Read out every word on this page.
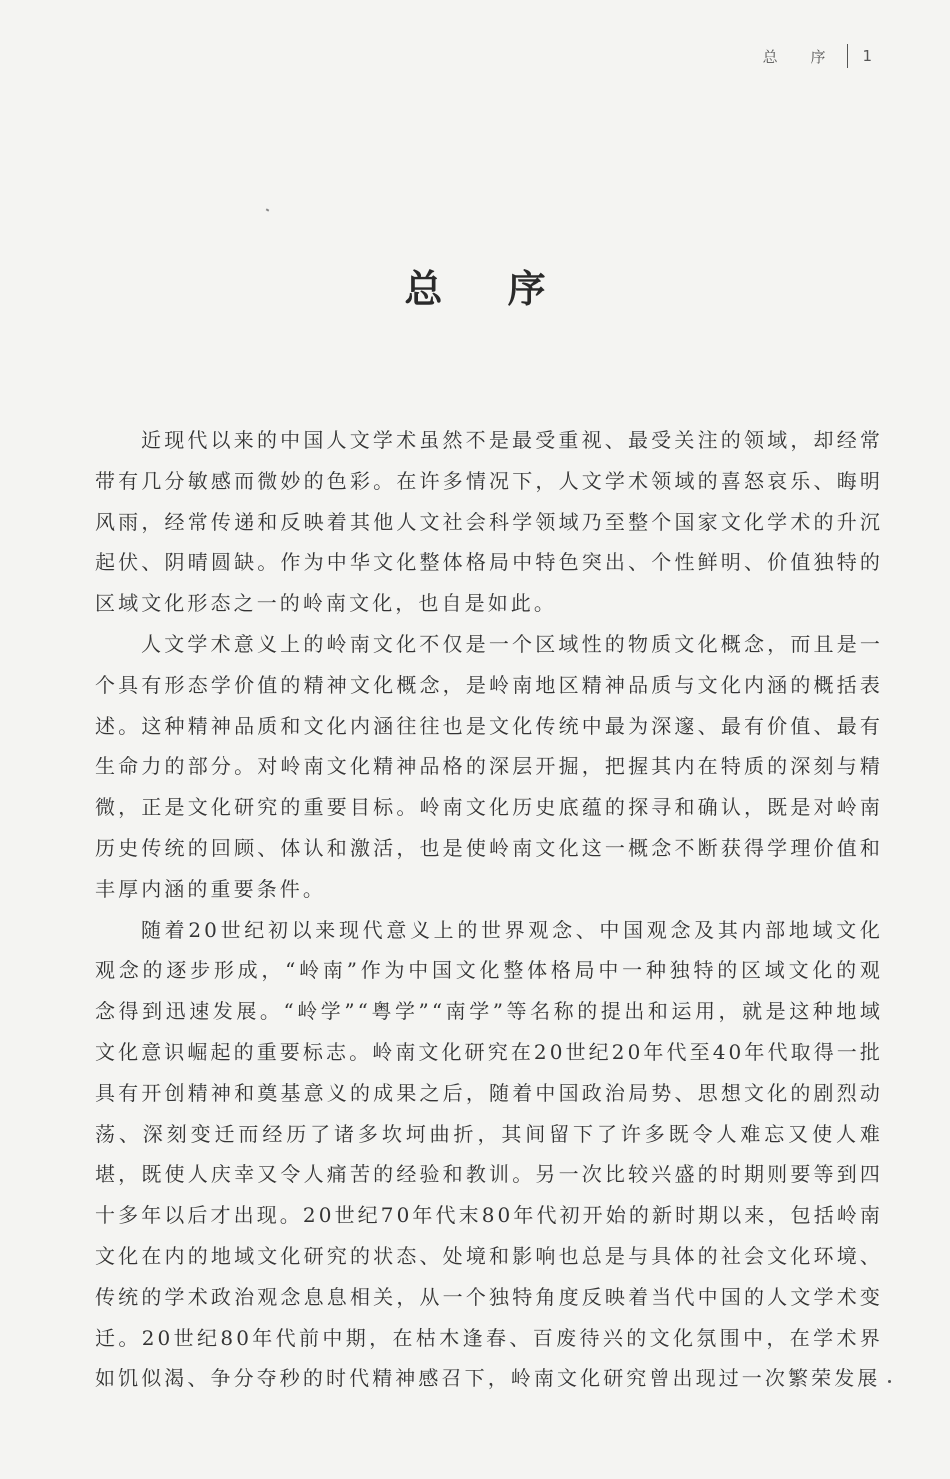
总 序 1
总 序

近现代以来的中国人文学术虽然不是最受重视、最受关注的领域，却经常带有几分敏感而微妙的色彩。在许多情况下，人文学术领域的喜怒哀乐、晦明风雨，经常传递和反映着其他人文社会科学领域乃至整个国家文化学术的升沉起伏、阴晴圆缺。作为中华文化整体格局中特色突出、个性鲜明、价值独特的区域文化形态之一的岭南文化，也自是如此。

人文学术意义上的岭南文化不仅是一个区域性的物质文化概念，而且是一个具有形态学价值的精神文化概念，是岭南地区精神品质与文化内涵的概括表述。这种精神品质和文化内涵往往也是文化传统中最为深邃、最有价值、最有生命力的部分。对岭南文化精神品格的深层开掘，把握其内在特质的深刻与精微，正是文化研究的重要目标。岭南文化历史底蕴的探寻和确认，既是对岭南历史传统的回顾、体认和激活，也是使岭南文化这一概念不断获得学理价值和丰厚内涵的重要条件。

随着20世纪初以来现代意义上的世界观念、中国观念及其内部地域文化观念的逐步形成，“岭南”作为中国文化整体格局中一种独特的区域文化的观念得到迅速发展。“岭学”“粤学”“南学”等名称的提出和运用，就是这种地域文化意识崛起的重要标志。岭南文化研究在20世纪20年代至40年代取得一批具有开创精神和奠基意义的成果之后，随着中国政治局势、思想文化的剧烈动荡、深刻变迁而经历了诸多坎坷曲折，其间留下了许多既令人难忘又使人难堪，既使人庆幸又令人痛苦的经验和教训。另一次比较兴盛的时期则要等到四十多年以后才出现。20世纪70年代末80年代初开始的新时期以来，包括岭南文化在内的地域文化研究的状态、处境和影响也总是与具体的社会文化环境、传统的学术政治观念息息相关，从一个独特角度反映着当代中国的人文学术变迁。20世纪80年代前中期，在枯木逢春、百废待兴的文化氛围中，在学术界如饥似渴、争分夺秒的时代精神感召下，岭南文化研究曾出现过一次繁荣发展
